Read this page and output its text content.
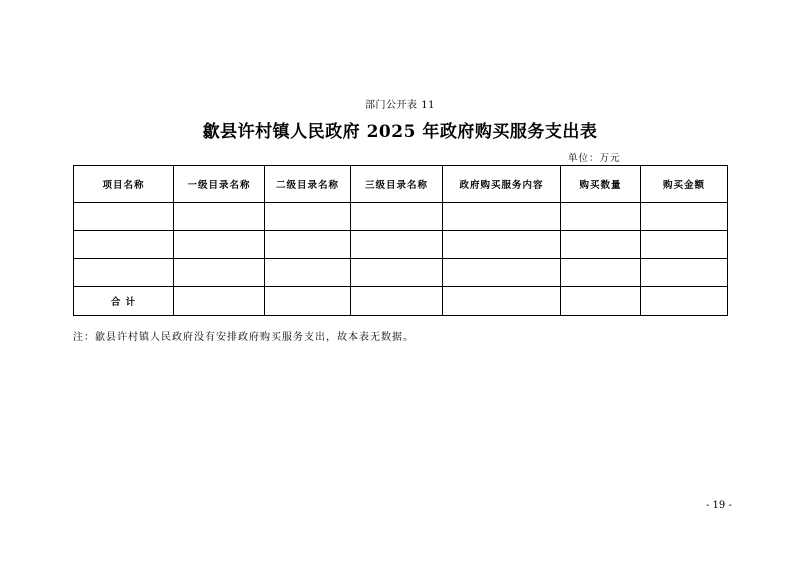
部门公开表 11
歙县许村镇人民政府 2025 年政府购买服务支出表
单位：万元
项目名称	一级目录名称	二级目录名称	三级目录名称	政府购买服务内容	购买数量	购买金额

合 计						
注：歙县许村镇人民政府没有安排政府购买服务支出，故本表无数据。
- 19 -
